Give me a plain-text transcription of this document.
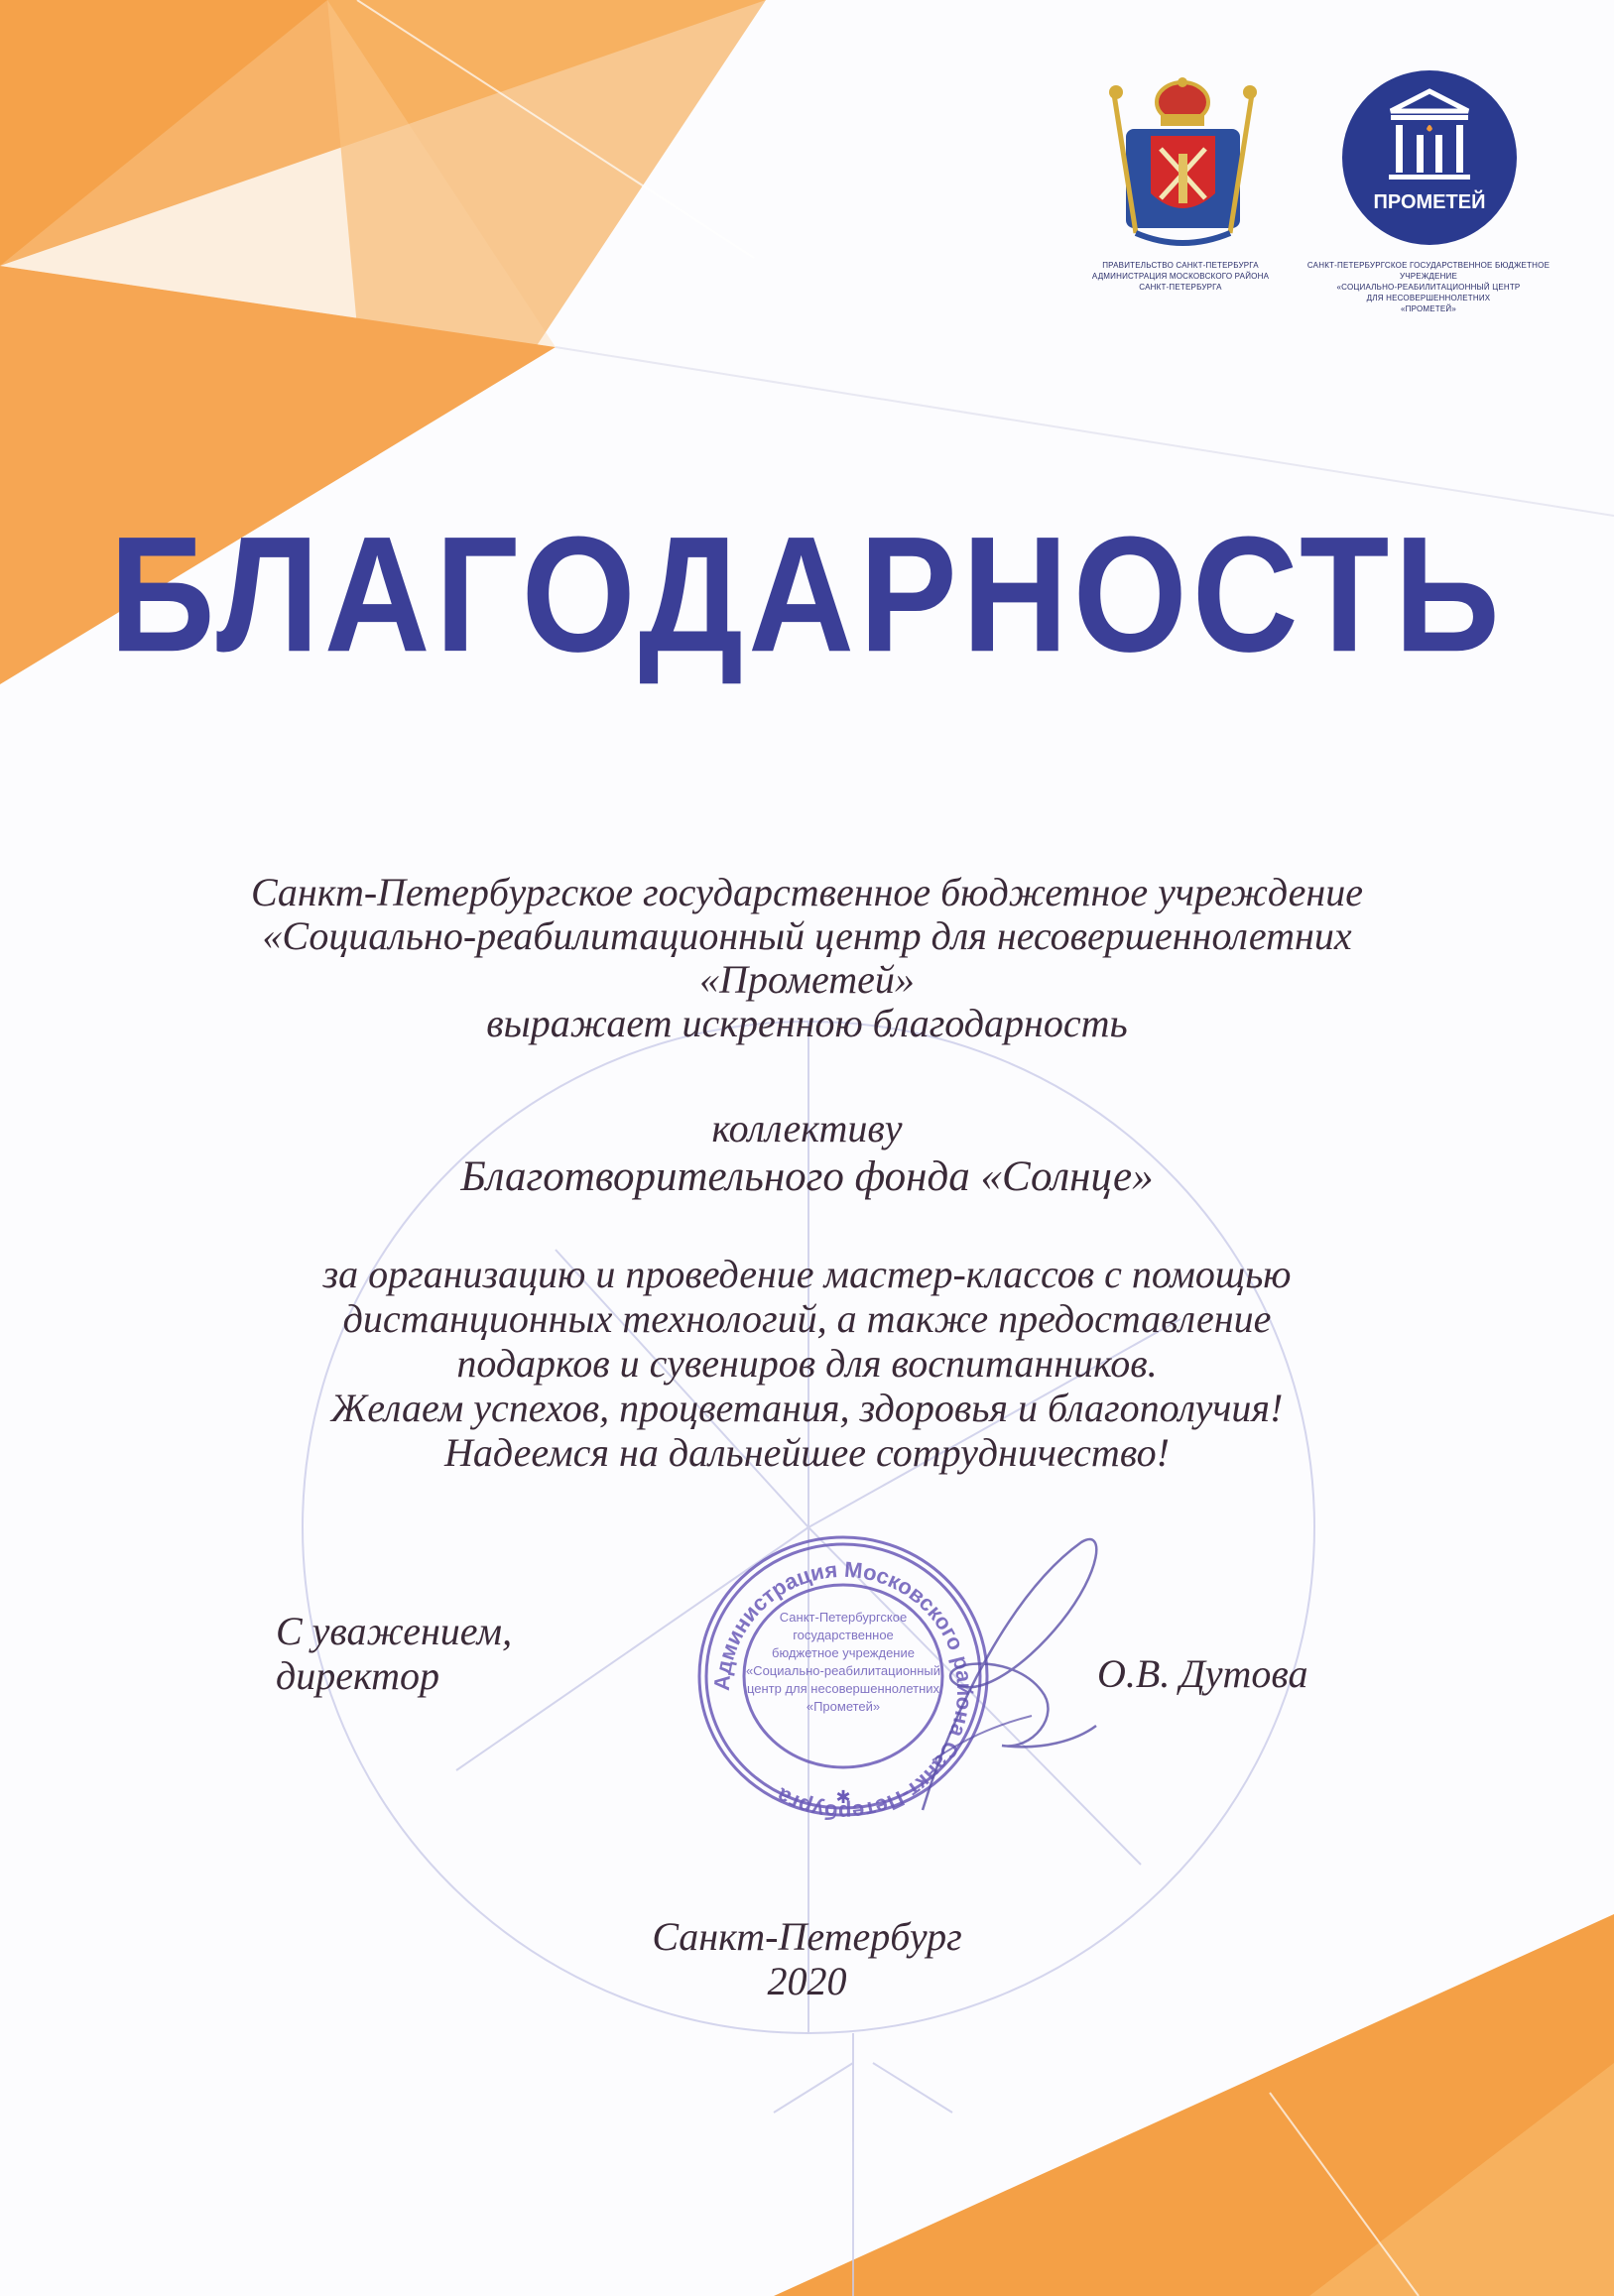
ПРОМЕТЕЙ
ПРАВИТЕЛЬСТВО САНКТ-ПЕТЕРБУРГА
АДМИНИСТРАЦИЯ МОСКОВСКОГО РАЙОНА
САНКТ-ПЕТЕРБУРГА
САНКТ-ПЕТЕРБУРГСКОЕ ГОСУДАРСТВЕННОЕ БЮДЖЕТНОЕ УЧРЕЖДЕНИЕ
«СОЦИАЛЬНО-РЕАБИЛИТАЦИОННЫЙ ЦЕНТР
ДЛЯ НЕСОВЕРШЕННОЛЕТНИХ
«ПРОМЕТЕЙ»
БЛАГОДАРНОСТЬ
Санкт-Петербургское государственное бюджетное учреждение
«Социально-реабилитационный центр для несовершеннолетних
«Прометей»
выражает искренною благодарность
коллективу
Благотворительного фонда «Солнце»
за организацию и проведение мастер-классов с помощью
дистанционных технологий, а также предоставление
подарков и сувениров для воспитанников.
Желаем успехов, процветания, здоровья и благополучия!
Надеемся на дальнейшее сотрудничество!
С уважением,
директор	Администрация Московского района Санкт-Петербурга
Санкт-Петербургское
государственное
бюджетное учреждение
«Социально-реабилитационный
центр для несовершеннолетних
«Прометей»
✱
О.В. Дутова
Санкт-Петербург
2020
